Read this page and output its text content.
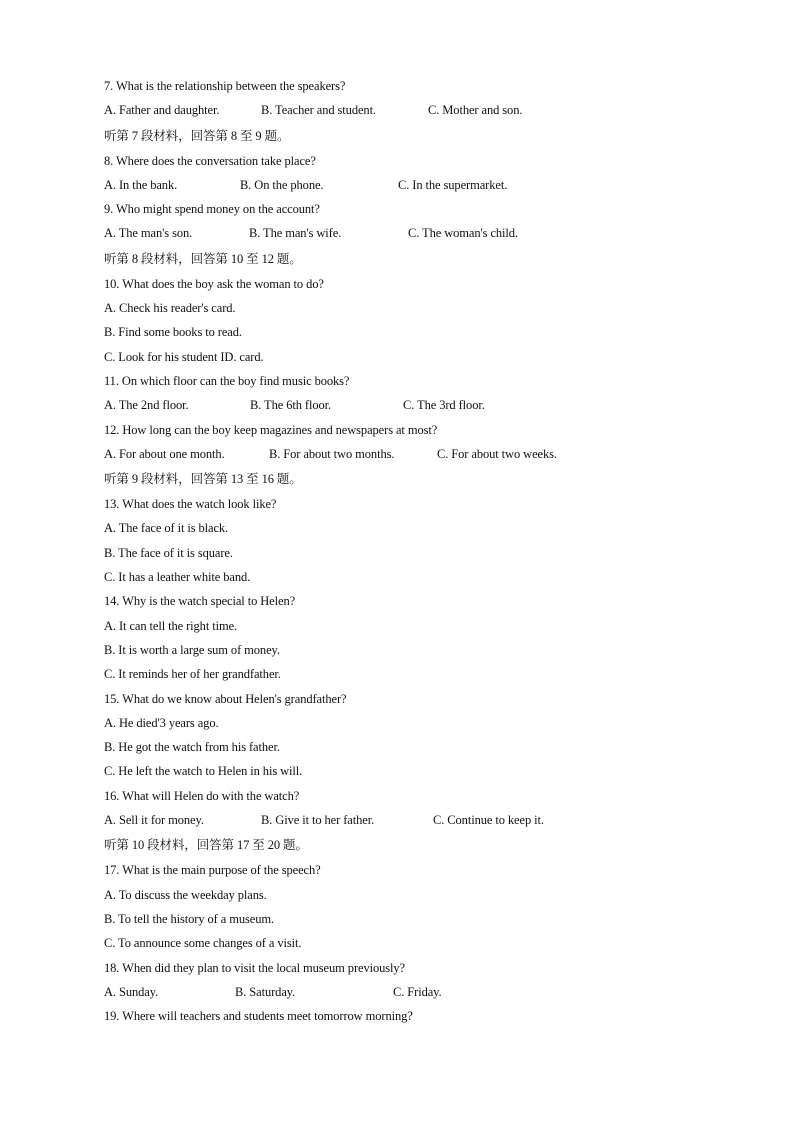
7. What is the relationship between the speakers?
A. Father and daughter.	B. Teacher and student.	C. Mother and son.
听第 7 段材料，回答第 8 至 9 题。
8. Where does the conversation take place?
A. In the bank.	B. On the phone.	C. In the supermarket.
9. Who might spend money on the account?
A. The man's son.	B. The man's wife.	C. The woman's child.
听第 8 段材料，回答第 10 至 12 题。
10. What does the boy ask the woman to do?
A. Check his reader's card.
B. Find some books to read.
C. Look for his student ID. card.
11. On which floor can the boy find music books?
A. The 2nd floor.	B. The 6th floor.	C. The 3rd floor.
12. How long can the boy keep magazines and newspapers at most?
A. For about one month.	B. For about two months.	C. For about two weeks.
听第 9 段材料，回答第 13 至 16 题。
13. What does the watch look like?
A. The face of it is black.
B. The face of it is square.
C. It has a leather white band.
14. Why is the watch special to Helen?
A. It can tell the right time.
B. It is worth a large sum of money.
C. It reminds her of her grandfather.
15. What do we know about Helen's grandfather?
A. He died'3 years ago.
B. He got the watch from his father.
C. He left the watch to Helen in his will.
16. What will Helen do with the watch?
A. Sell it for money.	B. Give it to her father.	C. Continue to keep it.
听第 10 段材料，回答第 17 至 20 题。
17. What is the main purpose of the speech?
A. To discuss the weekday plans.
B. To tell the history of a museum.
C. To announce some changes of a visit.
18. When did they plan to visit the local museum previously?
A. Sunday.	B. Saturday.	C. Friday.
19. Where will teachers and students meet tomorrow morning?
